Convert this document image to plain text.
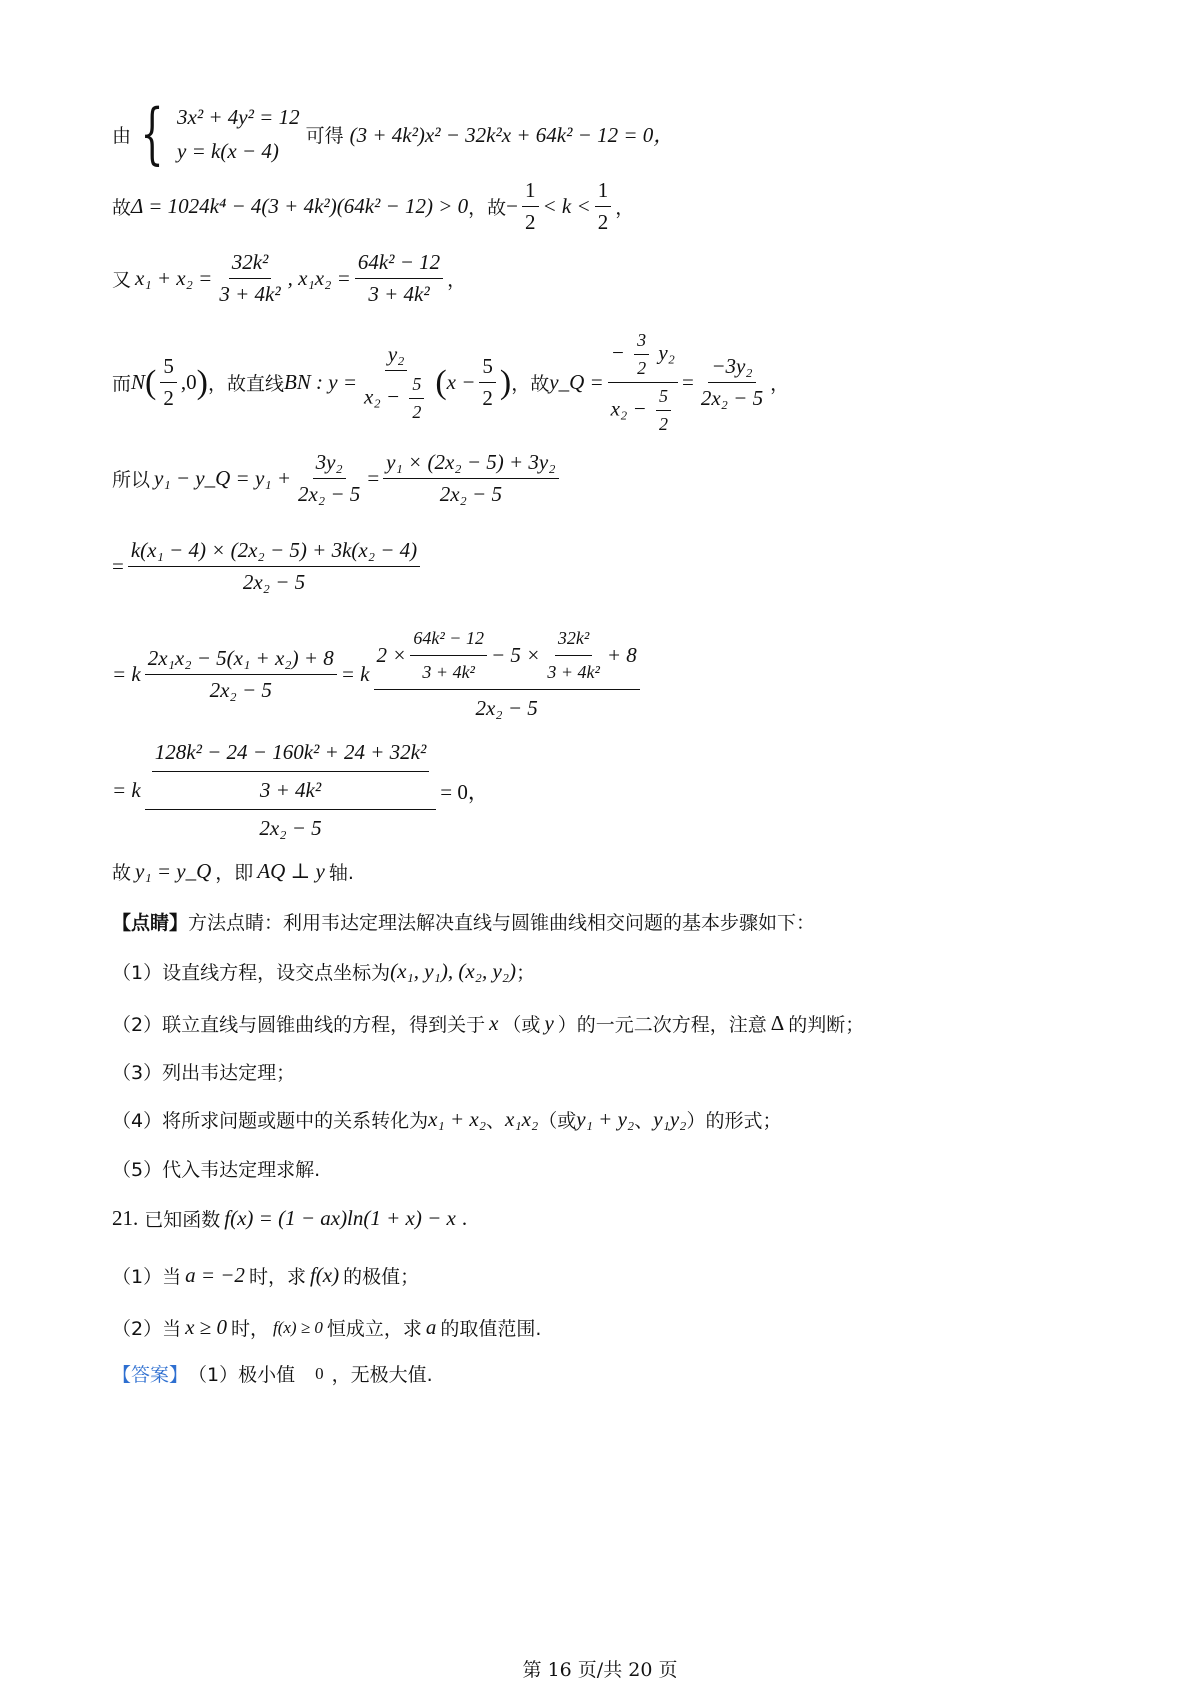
由 { 3x² + 4y² = 12
y = k(x − 4)
可得 (3 + 4k²)x² − 32k²x + 64k² − 12 = 0，
故 Δ = 1024k⁴ − 4(3 + 4k²)(64k² − 12) > 0 ，故 − $\frac{1}{2} < k < \frac{1}{2}$ ，
又 $x_1 + x_2 = \frac{\text{32k²}}{\text{3 + 4k²}}$ , $x_1x_2 = \frac{\text{64k² − 12}}{\text{3 + 4k²}}$ ，
而 N ( $\frac{5}{2} ,0$ ) ，故直线 BN : $y = \frac{\text{y₂}}{x_2 - \frac{5}{2}}$ ( $x - \frac{5}{2}$ ) ，故 y_Q = $\frac{- \frac{3}{2} y_2}{x_2 - \frac{5}{2}} = \frac{\text{−3y₂}}{\text{2x₂ − 5}}$ ，
所以 y₁ − y_Q = $y_1 + \frac{\text{3y₂}}{\text{2x₂ − 5}} = \frac{\text{y₁ × (2x₂ − 5) + 3y₂}}{\text{2x₂ − 5}}$
= $\frac{\text{k(x₁ − 4) × (2x₂ − 5) + 3k(x₂ − 4)}}{\text{2x₂ − 5}}$
= k $\frac{\text{2x₁x₂ − 5(x₁ + x₂) + 8}}{\text{2x₂ − 5}} = k$
$2 \times \frac{\text{64k² − 12}}{\text{3 + 4k²}} - 5 \times \frac{\text{32k²}}{\text{3 + 4k²}} + 8$
2x₂ − 5
= k $\frac{\frac{\text{128k² − 24 − 160k² + 24 + 32k²}}{\text{3 + 4k²}}}{\text{2x₂ − 5}} = 0$，
故 y₁ = y_Q ，即 AQ ⊥ y 轴.
【点睛】 方法点睛：利用韦达定理法解决直线与圆锥曲线相交问题的基本步骤如下：
（1）设直线方程，设交点坐标为 (x₁, y₁), (x₂, y₂) ；
（2）联立直线与圆锥曲线的方程，得到关于 x （或 y ）的一元二次方程，注意 Δ 的判断；
（3）列出韦达定理；
（4）将所求问题或题中的关系转化为 x₁ + x₂ 、 x₁x₂ （或 y₁ + y₂ 、 y₁y₂ ）的形式；
（5）代入韦达定理求解.
21. 已知函数 f(x) = (1 − ax)ln(1 + x) − x .
（1）当 a = −2 时，求 f(x) 的极值；
（2）当 x ≥ 0 时， f(x) ≥ 0 恒成立，求 a 的取值范围.
【答案】 （1）极小值 0 ，无极大值.
第 16 页/共 20 页
